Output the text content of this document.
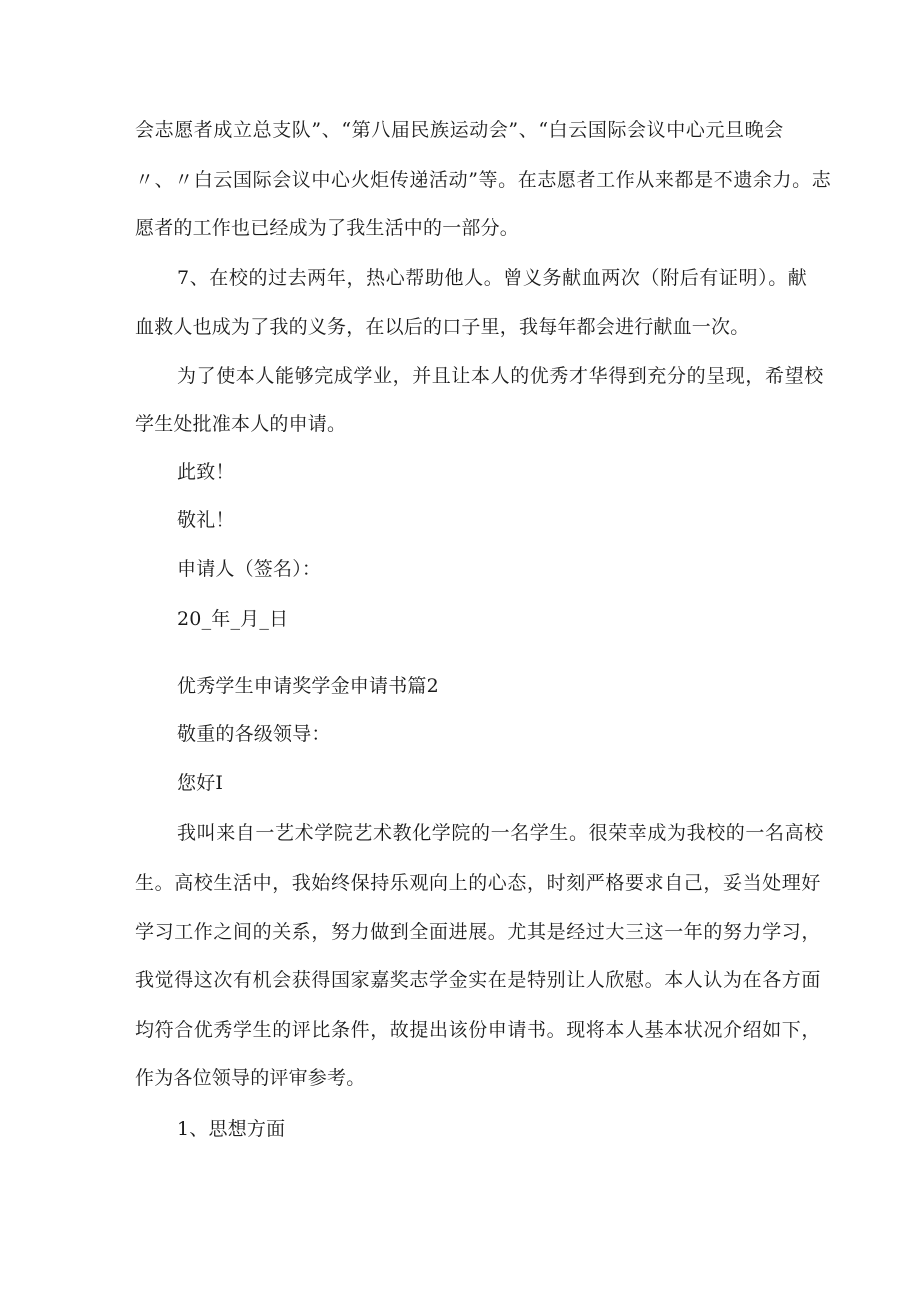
会志愿者成立总支队”、“第八届民族运动会”、“白云国际会议中心元旦晚会
〃、〃白云国际会议中心火炬传递活动”等。在志愿者工作从来都是不遗余力。志
愿者的工作也已经成为了我生活中的一部分。
7、在校的过去两年，热心帮助他人。曾义务献血两次（附后有证明）。献
血救人也成为了我的义务，在以后的口子里，我每年都会进行献血一次。
为了使本人能够完成学业，并且让本人的优秀才华得到充分的呈现，希望校
学生处批准本人的申请。
此致！
敬礼！
申请人（签名）：
20_年_月_日
优秀学生申请奖学金申请书篇2
敬重的各级领导：
您好I
我叫来自一艺术学院艺术教化学院的一名学生。很荣幸成为我校的一名高校
生。高校生活中，我始终保持乐观向上的心态，时刻严格要求自己，妥当处理好
学习工作之间的关系，努力做到全面进展。尤其是经过大三这一年的努力学习，
我觉得这次有机会获得国家嘉奖志学金实在是特别让人欣慰。本人认为在各方面
均符合优秀学生的评比条件，故提出该份申请书。现将本人基本状况介绍如下，
作为各位领导的评审参考。
1、思想方面
